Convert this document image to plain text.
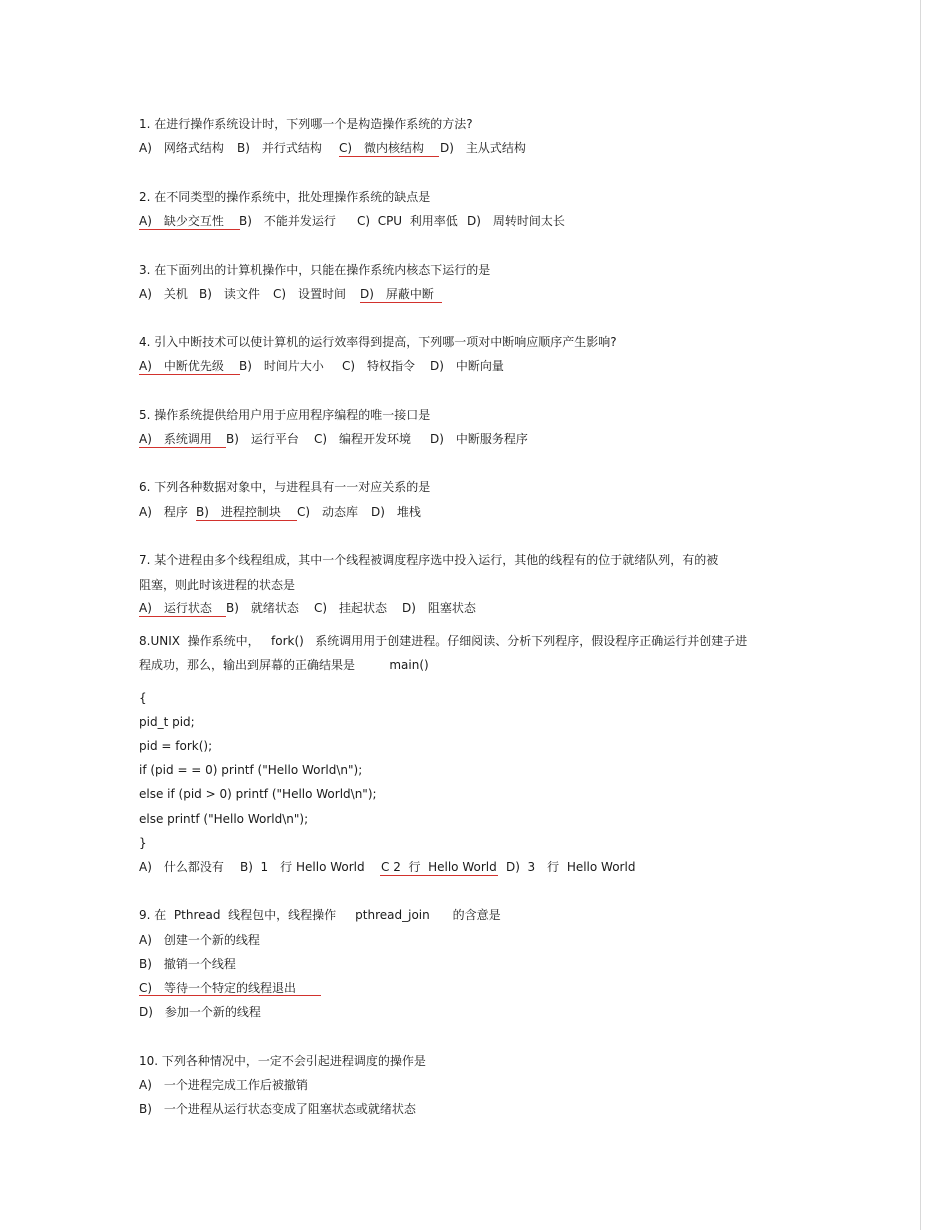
1. 在进行操作系统设计时，下列哪一个是构造操作系统的方法?
A)　网络式结构 B)　并行式结构 C)　微内核结构 D)　主从式结构
2. 在不同类型的操作系统中，批处理操作系统的缺点是
A)　缺少交互性 B)　不能并发运行 C)  CPU  利用率低 D)　周转时间太长
3. 在下面列出的计算机操作中，只能在操作系统内核态下运行的是
A)　关机 B)　读文件 C)　设置时间 D)　屏蔽中断
4. 引入中断技术可以使计算机的运行效率得到提高，下列哪一项对中断响应顺序产生影响?
A)　中断优先级 B)　时间片大小 C)　特权指令 D)　中断向量
5. 操作系统提供给用户用于应用程序编程的唯一接口是
A)　系统调用 B)　运行平台 C)　编程开发环境 D)　中断服务程序
6. 下列各种数据对象中，与进程具有一一对应关系的是
A)　程序 B)　进程控制块 C)　动态库 D)　堆栈
7. 某个进程由多个线程组成，其中一个线程被调度程序选中投入运行，其他的线程有的位于就绪队列，有的被
阻塞，则此时该进程的状态是
A)　运行状态 B)　就绪状态 C)　挂起状态 D)　阻塞状态
8.UNIX  操作系统中，   fork()   系统调用用于创建进程。仔细阅读、分析下列程序，假设程序正确运行并创建子进
程成功，那么，输出到屏幕的正确结果是         main()
{
pid_t pid;
pid = fork();
if (pid = = 0) printf ("Hello World\n");
else if (pid > 0) printf ("Hello World\n");
else printf ("Hello World\n");
}
A)　什么都没有 B)  1　行 Hello World C 2  行  Hello World D)  3　行  Hello World
9. 在  Pthread  线程包中，线程操作     pthread_join      的含意是
A)　创建一个新的线程
B)　撤销一个线程
C)　等待一个特定的线程退出
D)　参加一个新的线程
10. 下列各种情况中，一定不会引起进程调度的操作是
A)　一个进程完成工作后被撤销
B)　一个进程从运行状态变成了阻塞状态或就绪状态
